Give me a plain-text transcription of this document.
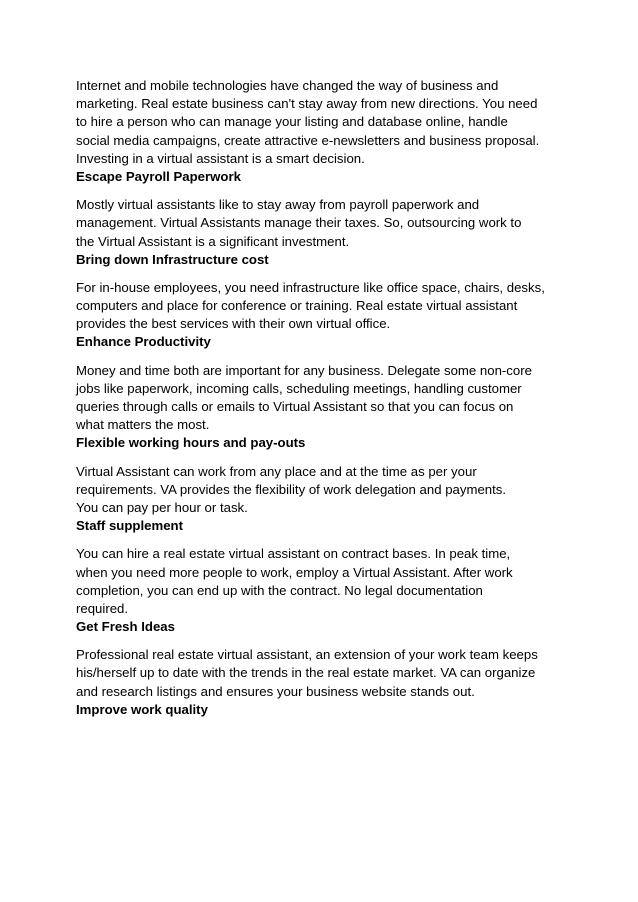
Internet and mobile technologies have changed the way of business and
marketing. Real estate business can't stay away from new directions. You need
to hire a person who can manage your listing and database online, handle
social media campaigns, create attractive e-newsletters and business proposal.
Investing in a virtual assistant is a smart decision.

Escape Payroll Paperwork

Mostly virtual assistants like to stay away from payroll paperwork and
management. Virtual Assistants manage their taxes. So, outsourcing work to
the Virtual Assistant is a significant investment.

Bring down Infrastructure cost

For in-house employees, you need infrastructure like office space, chairs, desks,
computers and place for conference or training. Real estate virtual assistant
provides the best services with their own virtual office.

Enhance Productivity

Money and time both are important for any business. Delegate some non-core
jobs like paperwork, incoming calls, scheduling meetings, handling customer
queries through calls or emails to Virtual Assistant so that you can focus on
what matters the most.

Flexible working hours and pay-outs

Virtual Assistant can work from any place and at the time as per your
requirements. VA provides the flexibility of work delegation and payments.
You can pay per hour or task.

Staff supplement

You can hire a real estate virtual assistant on contract bases. In peak time,
when you need more people to work, employ a Virtual Assistant. After work
completion, you can end up with the contract. No legal documentation
required.

Get Fresh Ideas

Professional real estate virtual assistant, an extension of your work team keeps
his/herself up to date with the trends in the real estate market. VA can organize
and research listings and ensures your business website stands out.

Improve work quality
